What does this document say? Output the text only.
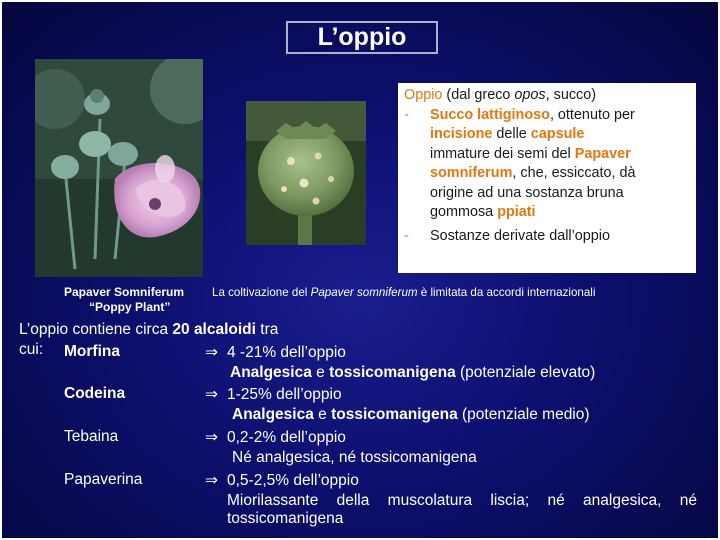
L’oppio
Oppio (dal greco opos, succo)
-	Succo lattiginoso, ottenuto per
incisione delle capsule
immature dei semi del Papaver
somniferum, che, essiccato, dà
origine ad una sostanza bruna
gommosa ppiati
-	Sostanze derivate dall’oppio
Papaver Somniferum
“Poppy Plant”
La coltivazione del Papaver somniferum è limitata da accordi internazionali
L’oppio contiene circa 20 alcaloidi tra
cui: Morfina	⇒ 4 -21% dell’oppio
Analgesica e tossicomanigena (potenziale elevato)
Codeina	⇒ 1-25% dell’oppio
Analgesica e tossicomanigena (potenziale medio)
Tebaina	⇒ 0,2-2% dell’oppio
Né analgesica, né tossicomanigena
Papaverina	⇒ 0,5-2,5% dell’oppio
Miorilassante della muscolatura liscia; né analgesica, né
tossicomanigena
